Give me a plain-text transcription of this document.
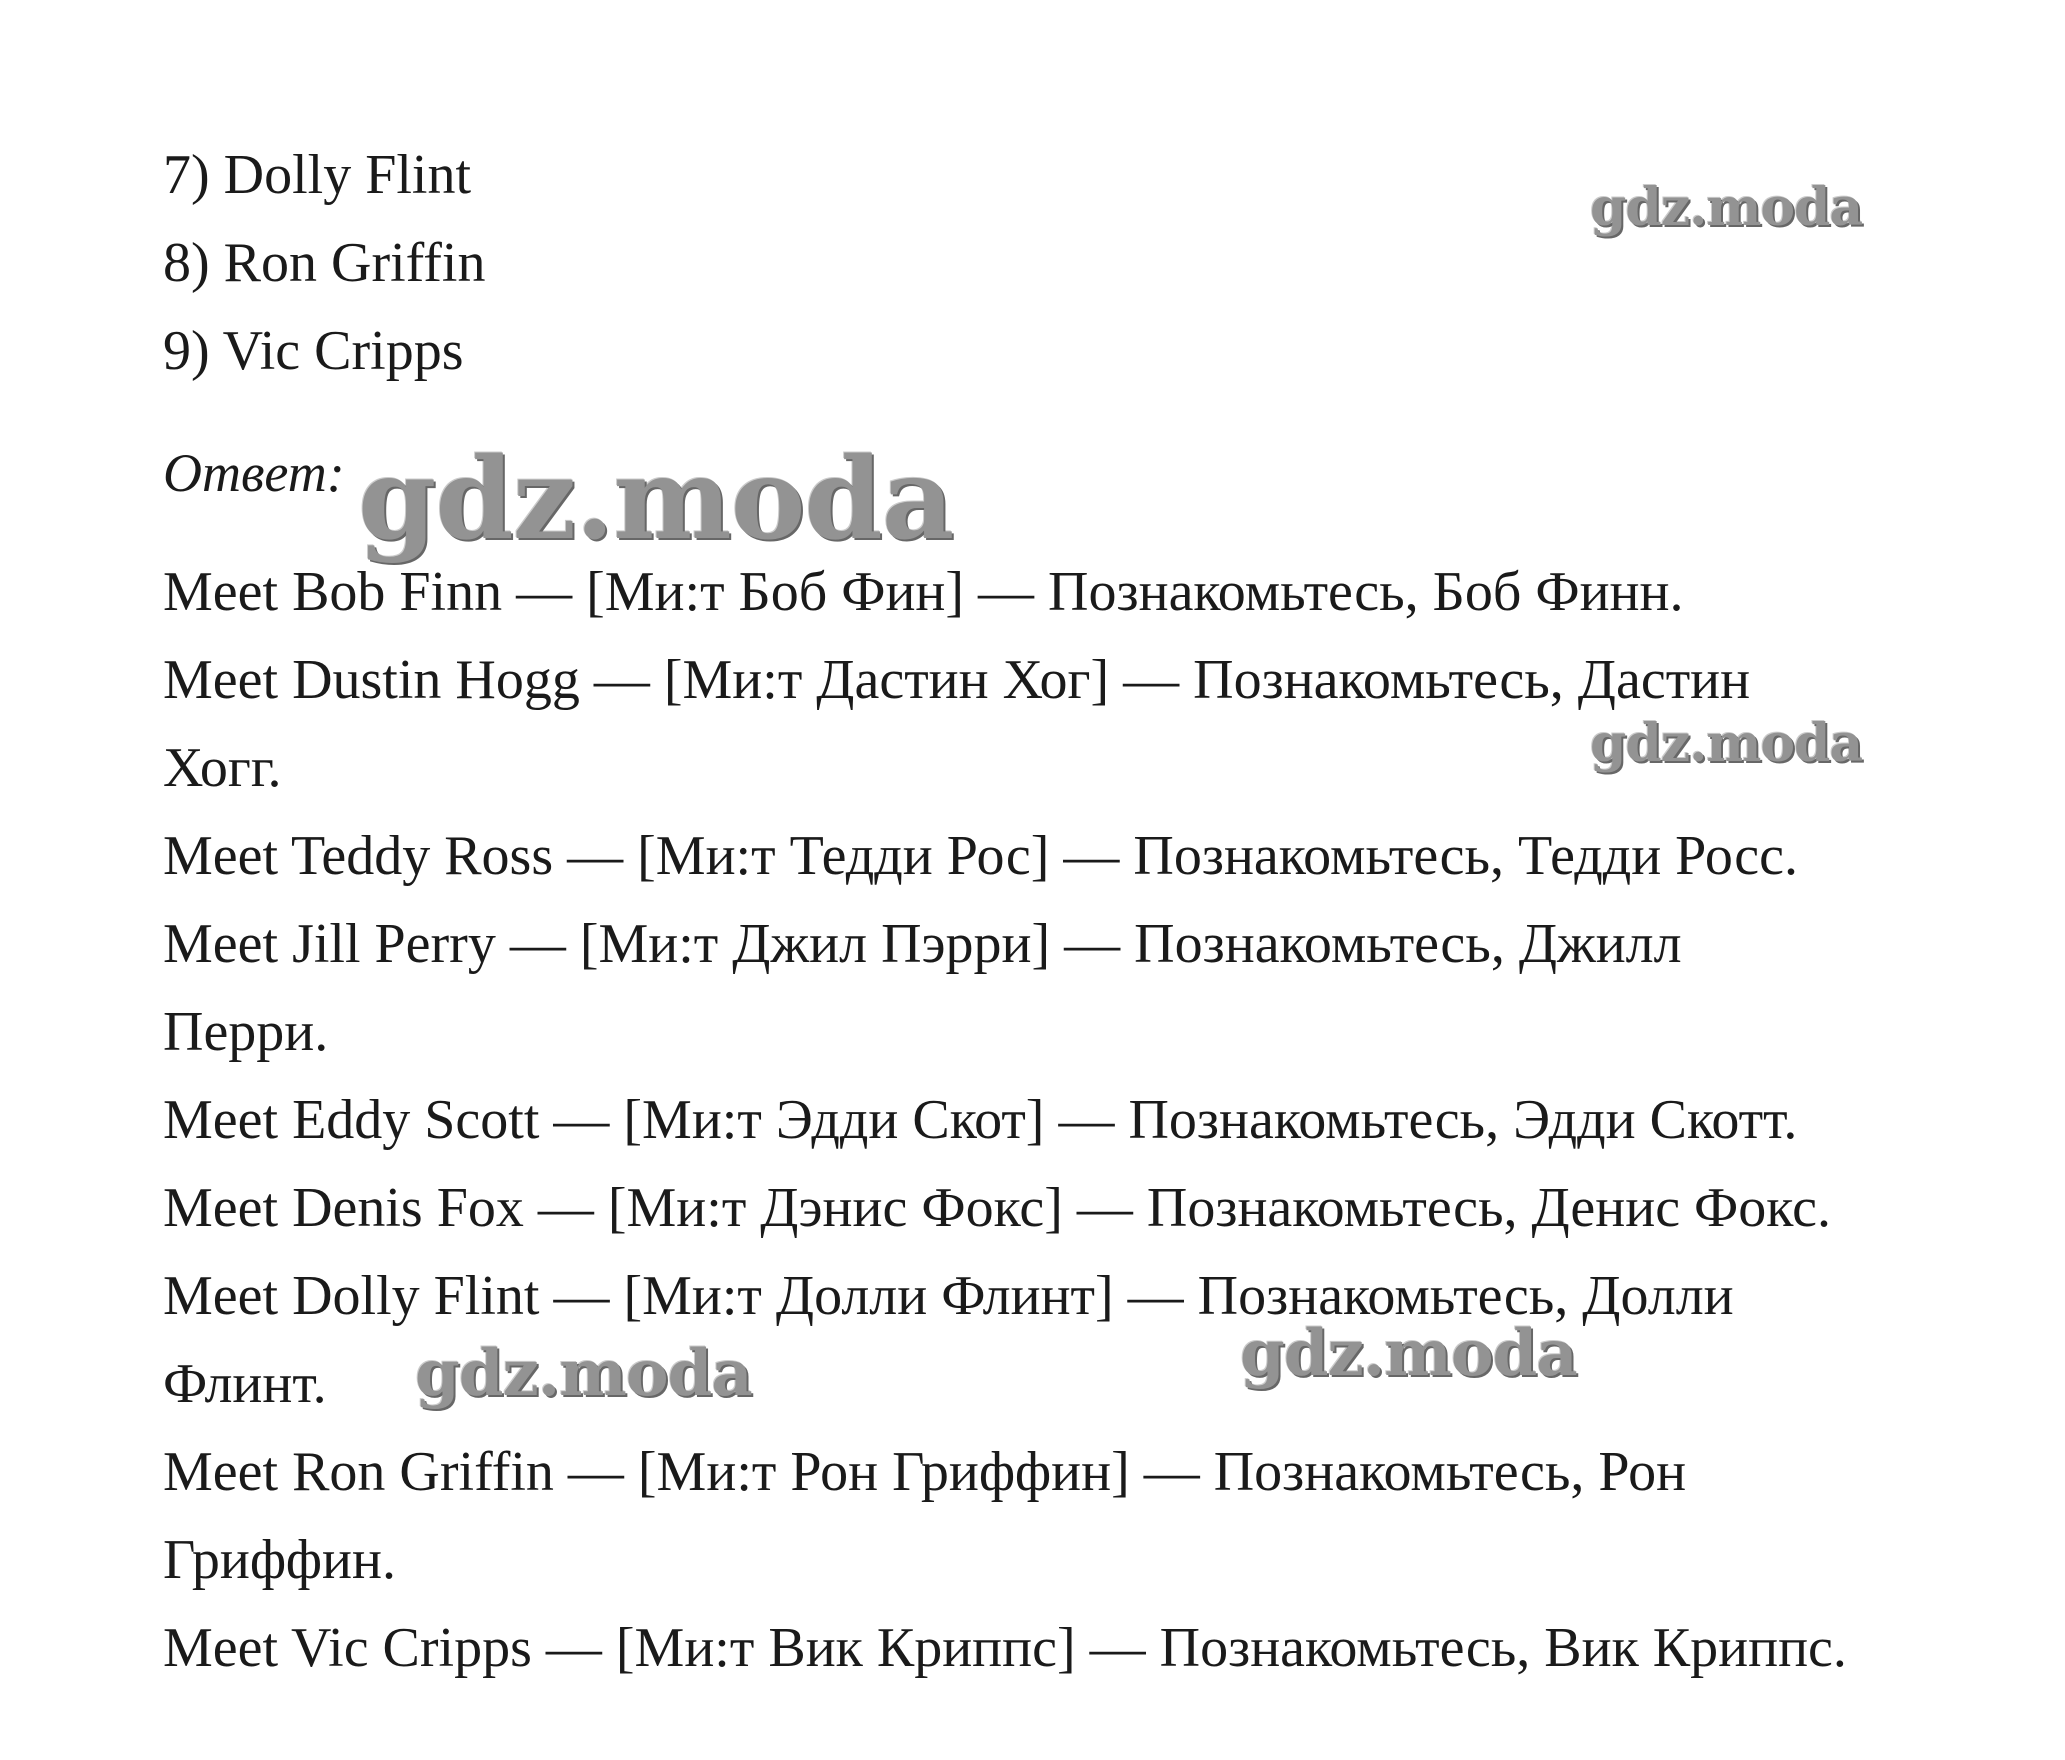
7) Dolly Flint
8) Ron Griffin
9) Vic Cripps
Ответ:
Meet Bob Finn — [Ми:т Боб Фин] — Познакомьтесь, Боб Финн.
Meet Dustin Hogg — [Ми:т Дастин Хог] — Познакомьтесь, Дастин
Хогг.
Meet Teddy Ross — [Ми:т Тедди Рос] — Познакомьтесь, Тедди Росс.
Meet Jill Perry — [Ми:т Джил Пэрри] — Познакомьтесь, Джилл
Перри.
Meet Eddy Scott — [Ми:т Эдди Скот] — Познакомьтесь, Эдди Скотт.
Meet Denis Fox — [Ми:т Дэнис Фокс] — Познакомьтесь, Денис Фокс.
Meet Dolly Flint — [Ми:т Долли Флинт] — Познакомьтесь, Долли
Флинт.
Meet Ron Griffin — [Ми:т Рон Гриффин] — Познакомьтесь, Рон
Гриффин.
Meet Vic Cripps — [Ми:т Вик Криппс] — Познакомьтесь, Вик Криппс.
gdz.moda
gdz.moda
gdz.moda
gdz.moda	gdz.moda
